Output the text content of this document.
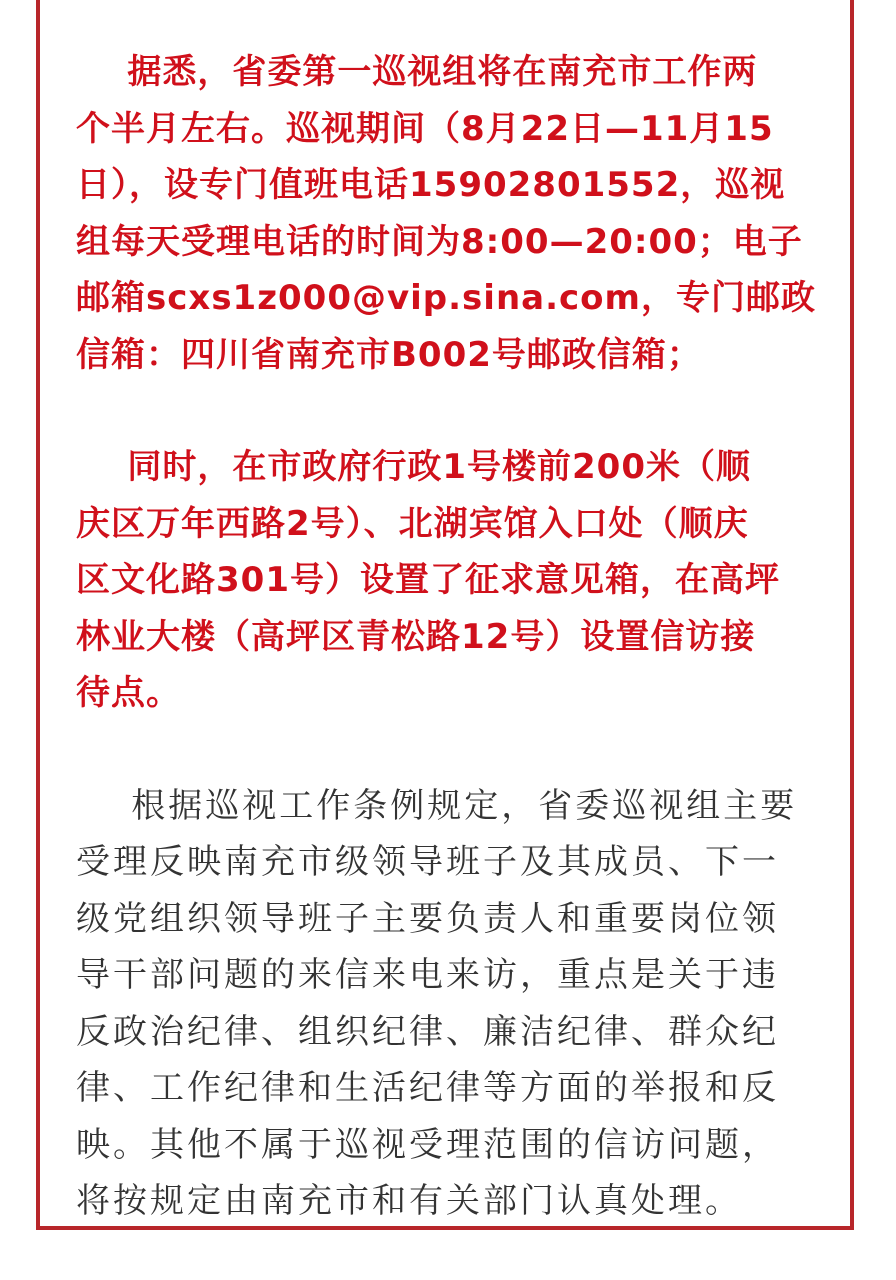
据悉，省委第一巡视组将在南充市工作两
个半月左右。巡视期间（8月22日—11月15
日），设专门值班电话15902801552，巡视
组每天受理电话的时间为8:00—20:00；电子
邮箱scxs1z000@vip.sina.com，专门邮政
信箱：四川省南充市B002号邮政信箱；

同时，在市政府行政1号楼前200米（顺
庆区万年西路2号）、北湖宾馆入口处（顺庆
区文化路301号）设置了征求意见箱，在高坪
林业大楼（高坪区青松路12号）设置信访接
待点。

根据巡视工作条例规定，省委巡视组主要
受理反映南充市级领导班子及其成员、下一
级党组织领导班子主要负责人和重要岗位领
导干部问题的来信来电来访，重点是关于违
反政治纪律、组织纪律、廉洁纪律、群众纪
律、工作纪律和生活纪律等方面的举报和反
映。其他不属于巡视受理范围的信访问题，
将按规定由南充市和有关部门认真处理。
